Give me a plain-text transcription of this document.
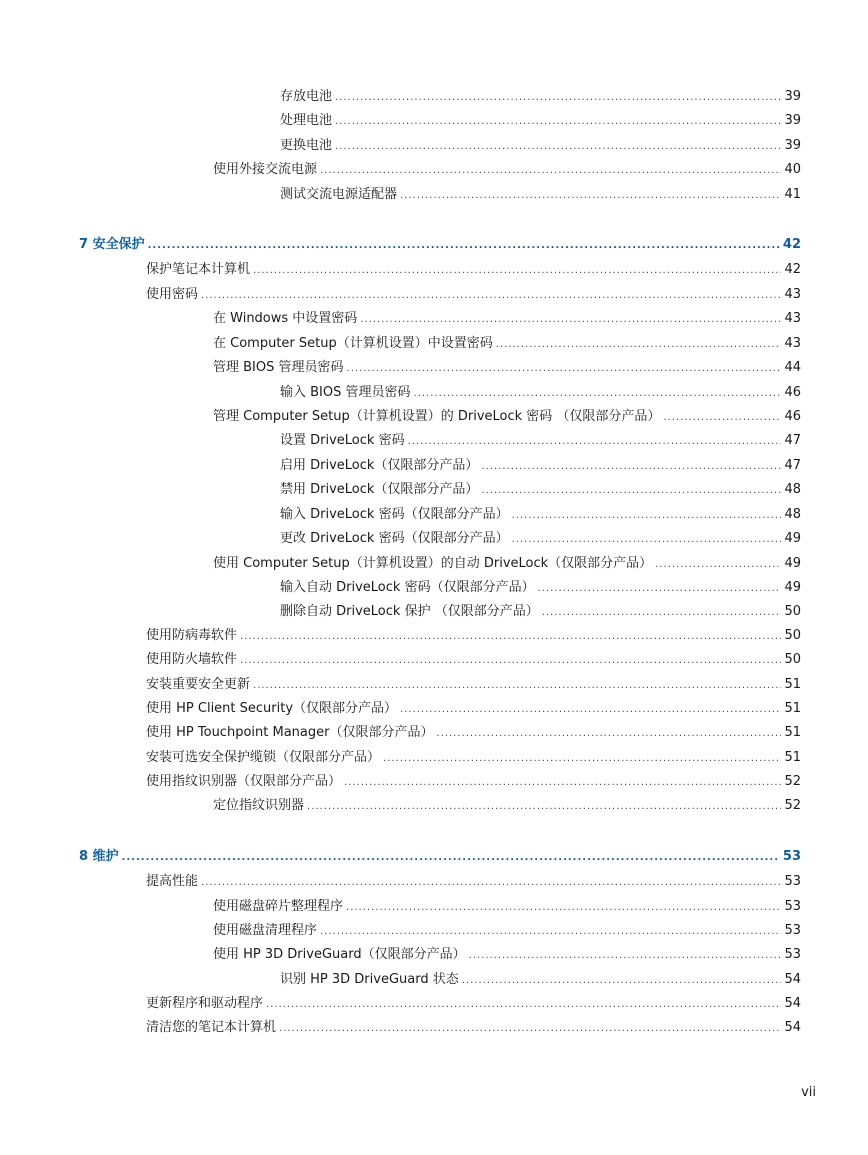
存放电池 .....	39
处理电池 .....	39
更换电池 .....	39
使用外接交流电源 .....	40
测试交流电源适配器 .....	41
7 安全保护 .....	42
保护笔记本计算机 .....	42
使用密码 .....	43
在 Windows 中设置密码 .....	43
在 Computer Setup（计算机设置）中设置密码 .....	43
管理 BIOS 管理员密码 .....	44
输入 BIOS 管理员密码 .....	46
管理 Computer Setup（计算机设置）的 DriveLock 密码 （仅限部分产品） .....	46
设置 DriveLock 密码 .....	47
启用 DriveLock（仅限部分产品） .....	47
禁用 DriveLock（仅限部分产品） .....	48
输入 DriveLock 密码（仅限部分产品） .....	48
更改 DriveLock 密码（仅限部分产品） .....	49
使用 Computer Setup（计算机设置）的自动 DriveLock（仅限部分产品） .....	49
输入自动 DriveLock 密码（仅限部分产品） .....	49
删除自动 DriveLock 保护 （仅限部分产品） .....	50
使用防病毒软件 .....	50
使用防火墙软件 .....	50
安装重要安全更新 .....	51
使用 HP Client Security（仅限部分产品） .....	51
使用 HP Touchpoint Manager（仅限部分产品） .....	51
安装可选安全保护缆锁（仅限部分产品） .....	51
使用指纹识别器（仅限部分产品） .....	52
定位指纹识别器 .....	52
8 维护 .....	53
提高性能 .....	53
使用磁盘碎片整理程序 .....	53
使用磁盘清理程序 .....	53
使用 HP 3D DriveGuard（仅限部分产品） .....	53
识别 HP 3D DriveGuard 状态 .....	54
更新程序和驱动程序 .....	54
清洁您的笔记本计算机 .....	54
vii
